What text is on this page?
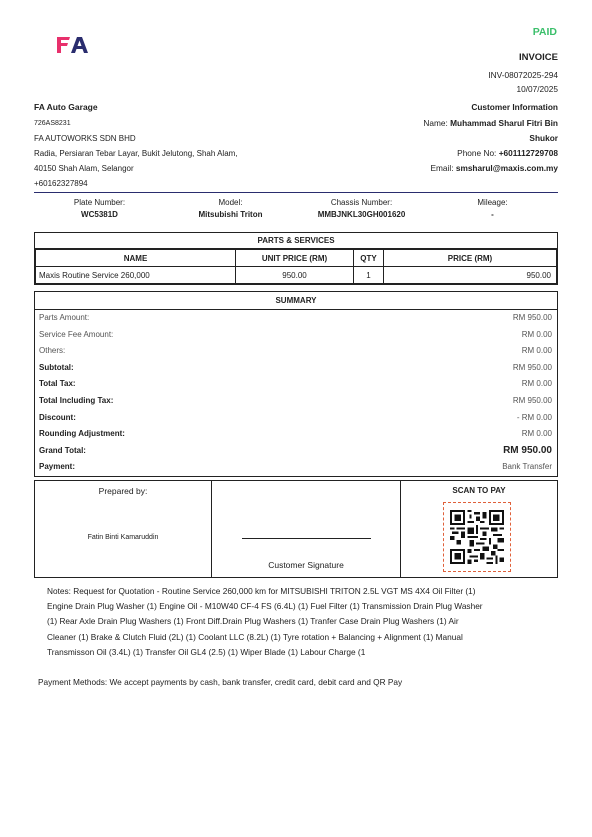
PAID
INVOICE
INV-08072025-294
10/07/2025
FA Auto Garage
726AS8231
FA AUTOWORKS SDN BHD
Radia, Persiaran Tebar Layar, Bukit Jelutong, Shah Alam,
40150 Shah Alam, Selangor
+60162327894
Customer Information
Name: Muhammad Sharul Fitri Bin
Shukor
Phone No: +601112729708
Email: smsharul@maxis.com.my
Plate Number:
WC5381D
Model:
Mitsubishi Triton
Chassis Number:
MMBJNKL30GH001620
Mileage:
-
PARTS & SERVICES
NAME	UNIT PRICE (RM)	QTY	PRICE (RM)
Maxis Routine Service 260,000	950.00	1	950.00
SUMMARY
Parts Amount:	RM 950.00
Service Fee Amount:	RM 0.00
Others:	RM 0.00
Subtotal:	RM 950.00
Total Tax:	RM 0.00
Total Including Tax:	RM 950.00
Discount:	- RM 0.00
Rounding Adjustment:	RM 0.00
Grand Total:	RM 950.00
Payment:	Bank Transfer
Prepared by:
Fatin Binti Kamaruddin
Customer Signature
SCAN TO PAY
Notes: Request for Quotation - Routine Service 260,000 km for MITSUBISHI TRITON 2.5L VGT MS 4X4 Oil Filter (1)
Engine Drain Plug Washer (1) Engine Oil - M10W40 CF-4 FS (6.4L) (1) Fuel Filter (1) Transmission Drain Plug Washer
(1) Rear Axle Drain Plug Washers (1) Front Diff.Drain Plug Washers (1) Tranfer Case Drain Plug Washers (1) Air
Cleaner (1) Brake & Clutch Fluid (2L) (1) Coolant LLC (8.2L) (1) Tyre rotation + Balancing + Alignment (1) Manual
Transmisson Oil (3.4L) (1) Transfer Oil GL4 (2.5) (1) Wiper Blade (1) Labour Charge (1
Payment Methods: We accept payments by cash, bank transfer, credit card, debit card and QR Pay
